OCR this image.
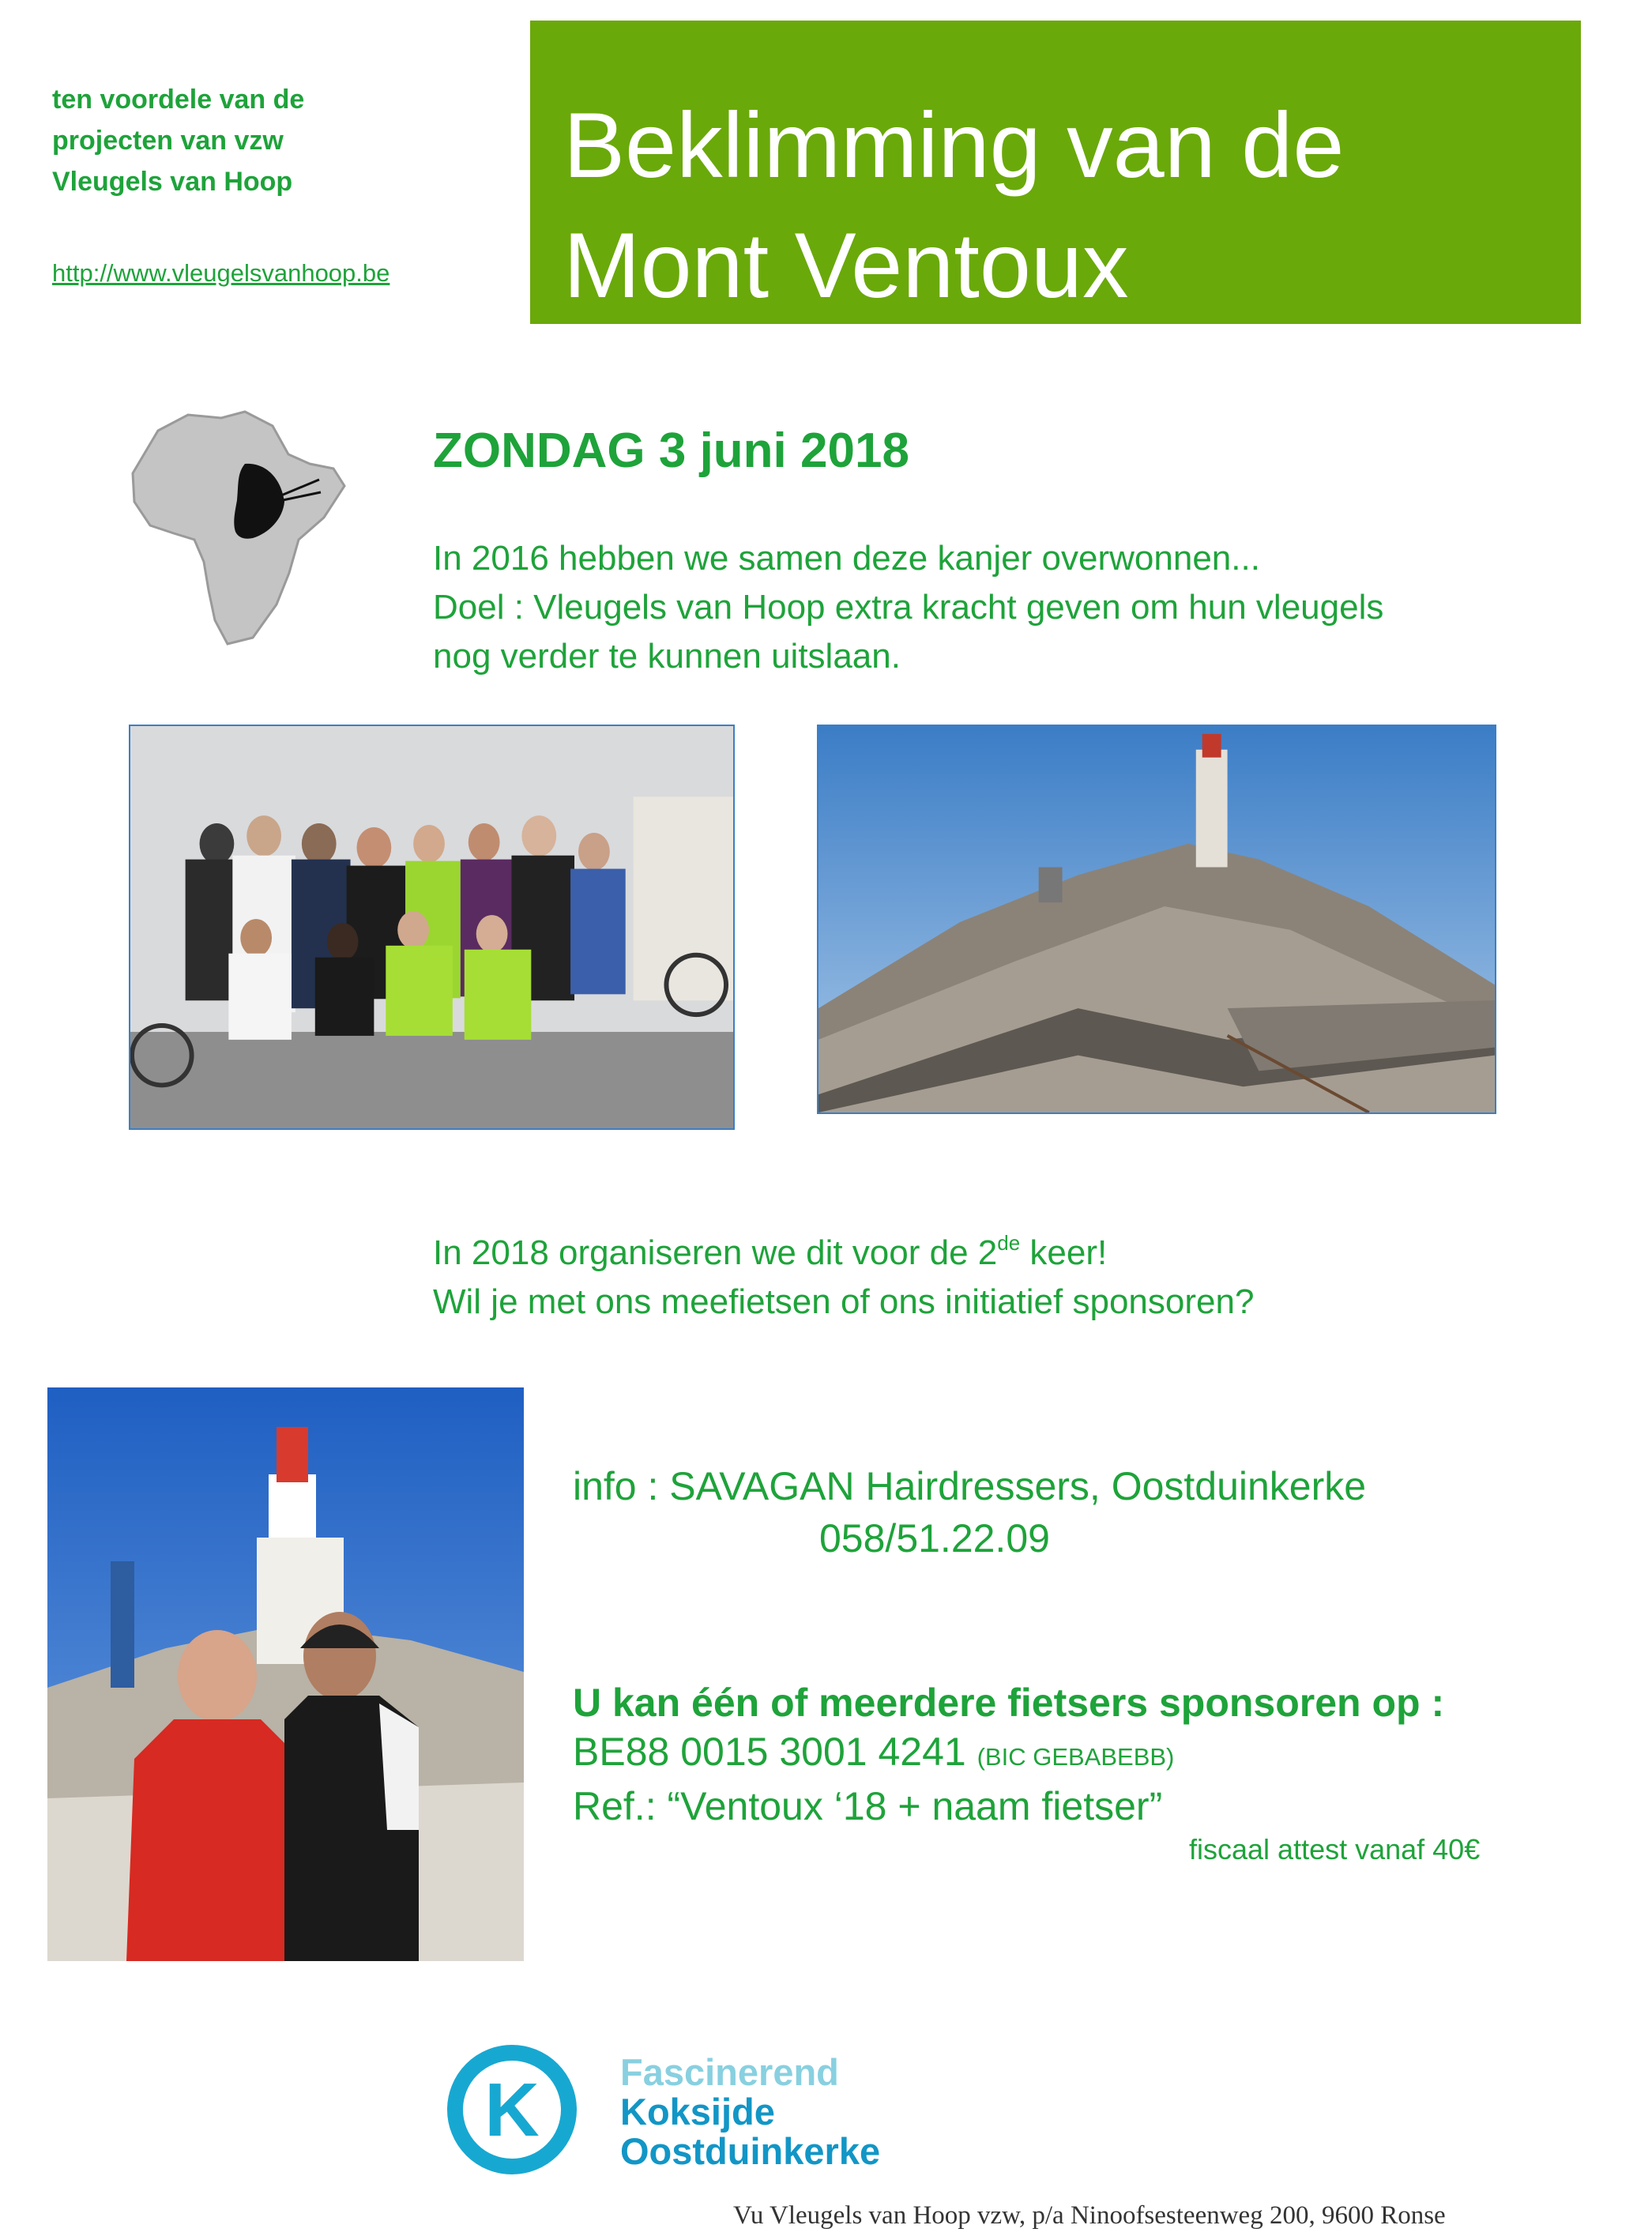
ten voordele van de
projecten van vzw
Vleugels van Hoop
http://www.vleugelsvanhoop.be
Beklimming van de
Mont Ventoux
ZONDAG 3 juni 2018
In 2016 hebben we samen deze kanjer overwonnen...
Doel : Vleugels van Hoop extra kracht geven om hun vleugels
nog verder te kunnen uitslaan.
In 2018 organiseren we dit voor de 2de keer!
Wil je met ons meefietsen of ons initiatief sponsoren?
info : SAVAGAN Hairdressers, Oostduinkerke
058/51.22.09
U kan één of meerdere fietsers sponsoren op :
BE88 0015 3001 4241 (BIC GEBABEBB)
Ref.: “Ventoux ‘18 + naam fietser”
fiscaal attest vanaf 40€
K Fascinerend
Koksijde
Oostduinkerke
Vu Vleugels van Hoop vzw, p/a Ninoofsesteenweg 200, 9600 Ronse
